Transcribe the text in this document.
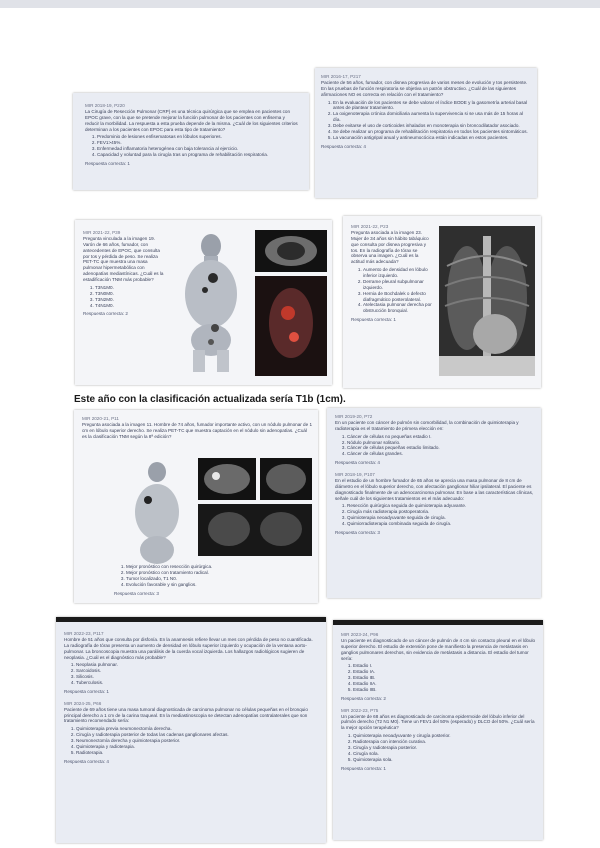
MIR 2018-19, P220
La Cirugía de Resección Pulmonar (CRP) es una técnica quirúrgica que se emplea en pacientes con EPOC grave, con la que se pretende mejorar la función pulmonar de los pacientes con enfisema y reducir la morbilidad. La respuesta a esta prueba depende de la misma. ¿Cuál de los siguientes criterios determinan a los pacientes con EPOC para esta tipo de tratamiento?
1. Predominio de lesiones enfisematosas en lóbulos superiores.
2. FEV1>45%.
3. Enfermedad inflamatoria heterogénea con baja tolerancia al ejercicio.
4. Capacidad y voluntad para la cirugía tras un programa de rehabilitación respiratoria.
Respuesta correcta: 1
MIR 2016-17, P217
Paciente de 56 años, fumador, con disnea progresiva de varios meses de evolución y tos persistente. En las pruebas de función respiratoria se objetiva un patrón obstructivo. ¿Cuál de las siguientes afirmaciones NO es correcta en relación con el tratamiento?
1. En la evaluación de los pacientes se debe valorar el índice BODE y la gasometría arterial basal antes de plantear tratamiento.
2. La oxigenoterapia crónica domiciliaria aumenta la supervivencia si se usa más de 15 horas al día.
3. Debe evitarse el uso de corticoides inhalados en monoterapia sin broncodilatador asociado.
4. Se debe realizar un programa de rehabilitación respiratoria en todos los pacientes sintomáticos.
5. La vacunación antigripal anual y antineumocócica están indicadas en estos pacientes.
Respuesta correcta: 4
MIR 2021-22, P39
Pregunta vinculada a la imagen 19. Varón de 66 años, fumador, con antecedentes de EPOC, que consulta por tos y pérdida de peso. Se realiza PET-TC que muestra una masa pulmonar hipermetabólica con adenopatías mediastínicas. ¿Cuál es la estadificación TNM más probable?
1. T3N1M0.
2. T3N0M0.
3. T3N2M0.
4. T4N1M0.
Respuesta correcta: 2
MIR 2021-22, P23
Pregunta asociada a la imagen 23. Mujer de 34 años sin hábito tabáquico que consulta por disnea progresiva y tos. En la radiografía de tórax se observa una imagen. ¿Cuál es la actitud más adecuada?
1. Aumento de densidad en lóbulo inferior izquierdo.
2. Derrame pleural subpulmonar izquierdo.
3. Hernia de Bochdalek o defecto diafragmático posterolateral.
4. Atelectasia pulmonar derecha por obstrucción bronquial.
Respuesta correcta: 1
Este año con la clasificación actualizada sería T1b (1cm).
MIR 2020-21, P11
Pregunta asociada a la imagen 11. Hombre de 74 años, fumador importante activo, con un nódulo pulmonar de 1 cm en lóbulo superior derecho. Se realiza PET-TC que muestra captación en el nódulo sin adenopatías. ¿Cuál es la clasificación TNM según la 8ª edición?
1. Mejor pronóstico con resección quirúrgica.
2. Mejor pronóstico con tratamiento radical.
3. Tumor localizado, T1 N0.
4. Evolución favorable y sin ganglios.
Respuesta correcta: 3
MIR 2019-20, P72
En un paciente con cáncer de pulmón sin comorbilidad, la combinación de quimioterapia y radioterapia es el tratamiento de primera elección en:
1. Cáncer de células no pequeñas estadio I.
2. Nódulo pulmonar solitario.
3. Cáncer de células pequeñas estadio limitado.
4. Cáncer de células grandes.
Respuesta correcta: 4
MIR 2018-19, P107
En el estudio de un hombre fumador de 65 años se aprecia una masa pulmonar de 8 cm de diámetro en el lóbulo superior derecho, con afectación ganglionar hiliar ipsilateral. El paciente es diagnosticado finalmente de un adenocarcinoma pulmonar. En base a las características clínicas, señale cuál de los siguientes tratamientos es el más adecuado:
1. Resección quirúrgica seguida de quimioterapia adyuvante.
2. Cirugía más radioterapia postoperatoria.
3. Quimioterapia neoadyuvante seguida de cirugía.
4. Quimiorradioterapia combinada seguida de cirugía.
Respuesta correcta: 3
MIR 2022-23, P117
Hombre de 51 años que consulta por disfonía. En la anamnesis refiere llevar un mes con pérdida de peso no cuantificada. La radiografía de tórax presenta un aumento de densidad en lóbulo superior izquierdo y ocupación de la ventana aorto-pulmonar. La broncoscopia muestra una parálisis de la cuerda vocal izquierda. Los hallazgos radiológicos sugieren de neoplasia. ¿Cuál es el diagnóstico más probable?
1. Neoplasia pulmonar.
2. Sarcoidosis.
3. Silicosis.
4. Tuberculosis.
Respuesta correcta: 1
MIR 2024-25, P66
Paciente de 69 años tiene una masa tumoral diagnosticada de carcinoma pulmonar no células pequeñas en el bronquio principal derecho a 1 cm de la carina traqueal. En la mediastinoscopia se detectan adenopatías contralaterales que son tratamiento recomendado sería:
1. Quimioterapia previa neumonectomía derecha.
2. Cirugía y radioterapia posterior de todas las cadenas ganglionares afectas.
3. Neumonectomía derecha y quimioterapia posterior.
4. Quimioterapia y radioterapia.
5. Radioterapia.
Respuesta correcta: 4
MIR 2023-24, P96
Un paciente es diagnosticado de un cáncer de pulmón de 4 cm sin contacto pleural en el lóbulo superior derecho. El estudio de extensión pone de manifiesto la presencia de metástasis en ganglios pulmonares derechos, sin evidencia de metástasis a distancia. El estadio del tumor sería:
1. Estadio I.
2. Estadio IA.
3. Estadio IB.
4. Estadio IIA.
5. Estadio IIB.
Respuesta correcta: 2
MIR 2022-23, P75
Un paciente de 68 años es diagnosticado de carcinoma epidermoide del lóbulo inferior del pulmón derecho (T2 N1 M0). Tiene un FEV1 del 50% (esperado) y DLCO del 50%. ¿Cuál sería la mejor opción terapéutica?
1. Quimioterapia neoadyuvante y cirugía posterior.
2. Radioterapia con intención curativa.
3. Cirugía y radioterapia posterior.
4. Cirugía sola.
5. Quimioterapia sola.
Respuesta correcta: 1
